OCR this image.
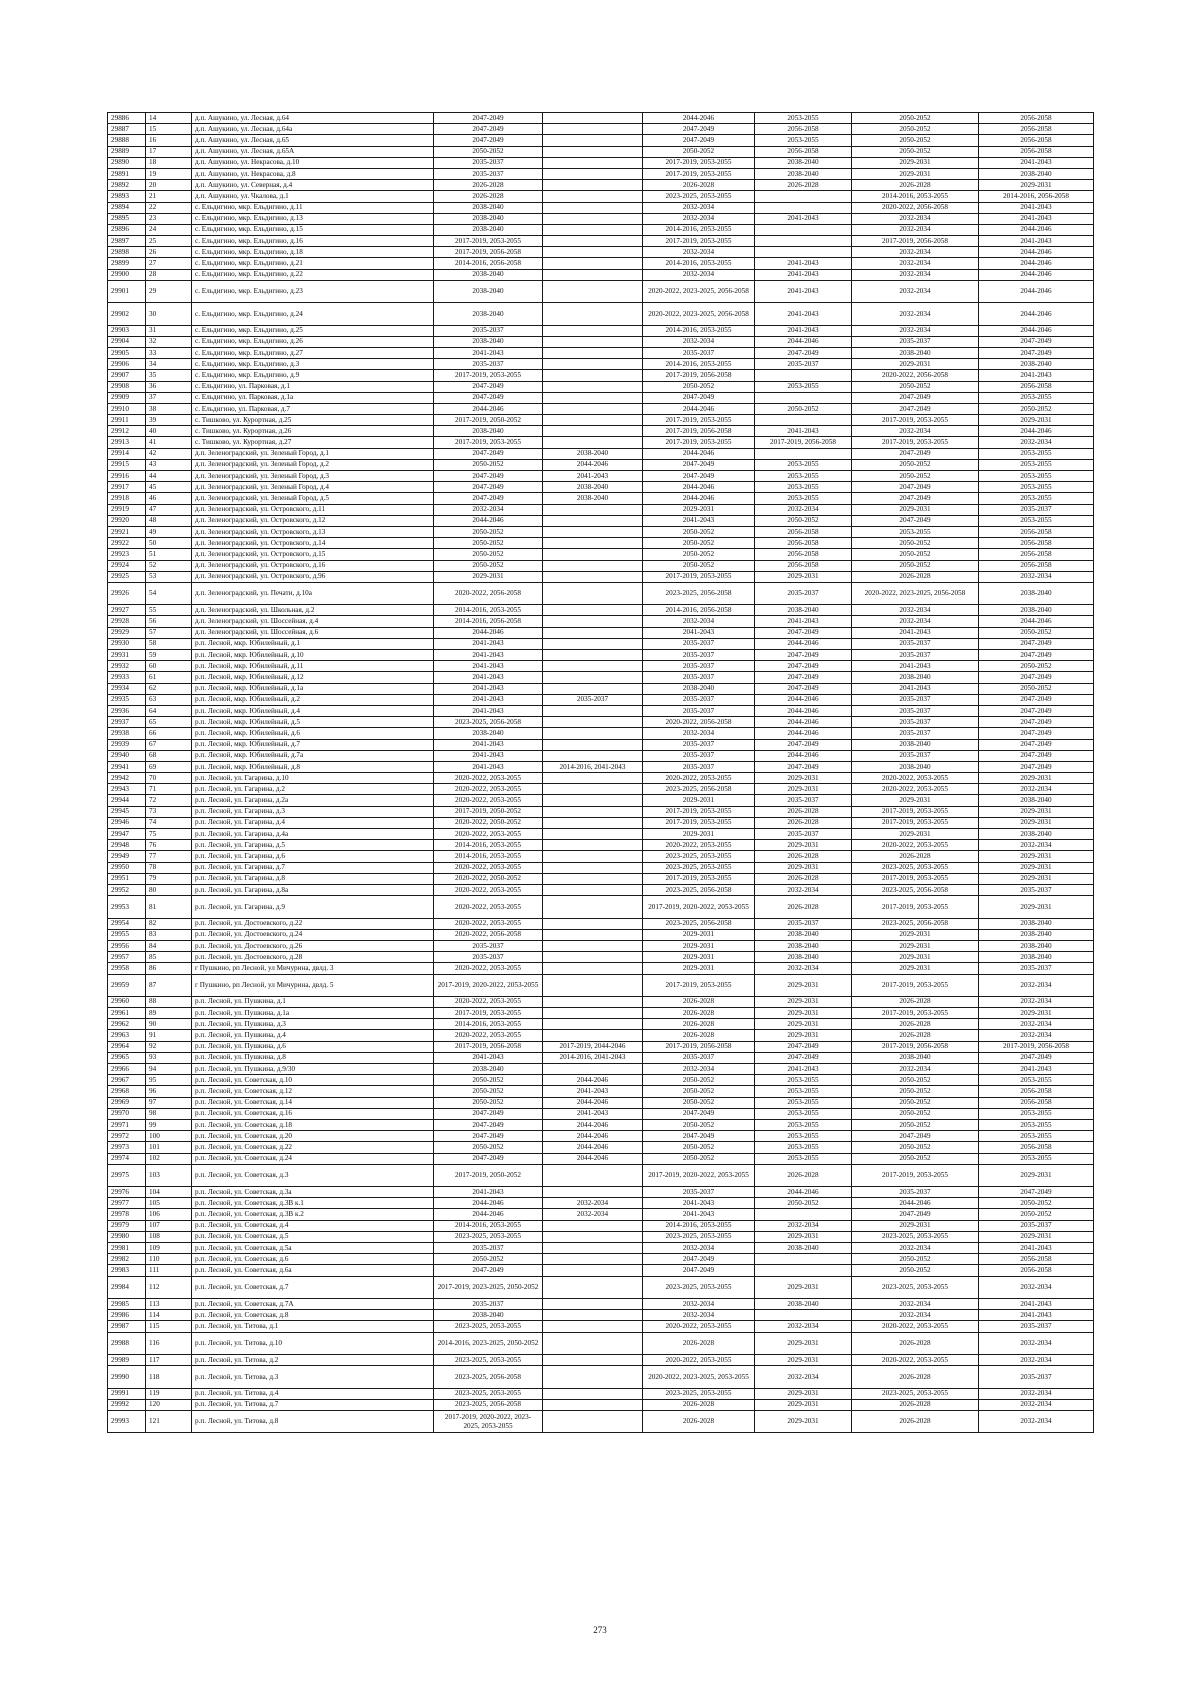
29886	14	д.п. Ашукино, ул. Лесная, д.64	2047-2049		2044-2046	2053-2055	2050-2052	2056-2058
29887	15	д.п. Ашукино, ул. Лесная, д.64а	2047-2049		2047-2049	2056-2058	2050-2052	2056-2058
29888	16	д.п. Ашукино, ул. Лесная, д.65	2047-2049		2047-2049	2053-2055	2050-2052	2056-2058
29889	17	д.п. Ашукино, ул. Лесная, д.65А	2050-2052		2050-2052	2056-2058	2050-2052	2056-2058
29890	18	д.п. Ашукино, ул. Некрасова, д.10	2035-2037		2017-2019, 2053-2055	2038-2040	2029-2031	2041-2043
29891	19	д.п. Ашукино, ул. Некрасова, д.8	2035-2037		2017-2019, 2053-2055	2038-2040	2029-2031	2038-2040
29892	20	д.п. Ашукино, ул. Северная, д.4	2026-2028		2026-2028	2026-2028	2026-2028	2029-2031
29893	21	д.п. Ашукино, ул. Чкалова, д.1	2026-2028		2023-2025, 2053-2055		2014-2016, 2053-2055	2014-2016, 2056-2058
29894	22	с. Ельдигино, мкр. Ельдигино, д.11	2038-2040		2032-2034		2020-2022, 2056-2058	2041-2043
29895	23	с. Ельдигино, мкр. Ельдигино, д.13	2038-2040		2032-2034	2041-2043	2032-2034	2041-2043
29896	24	с. Ельдигино, мкр. Ельдигино, д.15	2038-2040		2014-2016, 2053-2055		2032-2034	2044-2046
29897	25	с. Ельдигино, мкр. Ельдигино, д.16	2017-2019, 2053-2055		2017-2019, 2053-2055		2017-2019, 2056-2058	2041-2043
29898	26	с. Ельдигино, мкр. Ельдигино, д.18	2017-2019, 2056-2058		2032-2034		2032-2034	2044-2046
29899	27	с. Ельдигино, мкр. Ельдигино, д.21	2014-2016, 2056-2058		2014-2016, 2053-2055	2041-2043	2032-2034	2044-2046
29900	28	с. Ельдигино, мкр. Ельдигино, д.22	2038-2040		2032-2034	2041-2043	2032-2034	2044-2046
29901	29	с. Ельдигино, мкр. Ельдигино, д.23	2038-2040		2020-2022, 2023-2025, 2056-2058	2041-2043	2032-2034	2044-2046
29902	30	с. Ельдигино, мкр. Ельдигино, д.24	2038-2040		2020-2022, 2023-2025, 2056-2058	2041-2043	2032-2034	2044-2046
29903	31	с. Ельдигино, мкр. Ельдигино, д.25	2035-2037		2014-2016, 2053-2055	2041-2043	2032-2034	2044-2046
29904	32	с. Ельдигино, мкр. Ельдигино, д.26	2038-2040		2032-2034	2044-2046	2035-2037	2047-2049
29905	33	с. Ельдигино, мкр. Ельдигино, д.27	2041-2043		2035-2037	2047-2049	2038-2040	2047-2049
29906	34	с. Ельдигино, мкр. Ельдигино, д.3	2035-2037		2014-2016, 2053-2055	2035-2037	2029-2031	2038-2040
29907	35	с. Ельдигино, мкр. Ельдигино, д.9	2017-2019, 2053-2055		2017-2019, 2056-2058		2020-2022, 2056-2058	2041-2043
29908	36	с. Ельдигино, ул. Парковая, д.1	2047-2049		2050-2052	2053-2055	2050-2052	2056-2058
29909	37	с. Ельдигино, ул. Парковая, д.1а	2047-2049		2047-2049		2047-2049	2053-2055
29910	38	с. Ельдигино, ул. Парковая, д.7	2044-2046		2044-2046	2050-2052	2047-2049	2050-2052
29911	39	с. Тишково, ул. Курортная, д.25	2017-2019, 2050-2052		2017-2019, 2053-2055		2017-2019, 2053-2055	2029-2031
29912	40	с. Тишково, ул. Курортная, д.26	2038-2040		2017-2019, 2056-2058	2041-2043	2032-2034	2044-2046
29913	41	с. Тишково, ул. Курортная, д.27	2017-2019, 2053-2055		2017-2019, 2053-2055	2017-2019, 2056-2058	2017-2019, 2053-2055	2032-2034
29914	42	д.п. Зеленоградский, ул. Зеленый Город, д.1	2047-2049	2038-2040	2044-2046		2047-2049	2053-2055
29915	43	д.п. Зеленоградский, ул. Зеленый Город, д.2	2050-2052	2044-2046	2047-2049	2053-2055	2050-2052	2053-2055
29916	44	д.п. Зеленоградский, ул. Зеленый Город, д.3	2047-2049	2041-2043	2047-2049	2053-2055	2050-2052	2053-2055
29917	45	д.п. Зеленоградский, ул. Зеленый Город, д.4	2047-2049	2038-2040	2044-2046	2053-2055	2047-2049	2053-2055
29918	46	д.п. Зеленоградский, ул. Зеленый Город, д.5	2047-2049	2038-2040	2044-2046	2053-2055	2047-2049	2053-2055
29919	47	д.п. Зеленоградский, ул. Островского, д.11	2032-2034		2029-2031	2032-2034	2029-2031	2035-2037
29920	48	д.п. Зеленоградский, ул. Островского, д.12	2044-2046		2041-2043	2050-2052	2047-2049	2053-2055
29921	49	д.п. Зеленоградский, ул. Островского, д.13	2050-2052		2050-2052	2056-2058	2053-2055	2056-2058
29922	50	д.п. Зеленоградский, ул. Островского, д.14	2050-2052		2050-2052	2056-2058	2050-2052	2056-2058
29923	51	д.п. Зеленоградский, ул. Островского, д.15	2050-2052		2050-2052	2056-2058	2050-2052	2056-2058
29924	52	д.п. Зеленоградский, ул. Островского, д.16	2050-2052		2050-2052	2056-2058	2050-2052	2056-2058
29925	53	д.п. Зеленоградский, ул. Островского, д.96	2029-2031		2017-2019, 2053-2055	2029-2031	2026-2028	2032-2034
29926	54	д.п. Зеленоградский, ул. Печати, д.10а	2020-2022, 2056-2058		2023-2025, 2056-2058	2035-2037	2020-2022, 2023-2025, 2056-2058	2038-2040
29927	55	д.п. Зеленоградский, ул. Школьная, д.2	2014-2016, 2053-2055		2014-2016, 2056-2058	2038-2040	2032-2034	2038-2040
29928	56	д.п. Зеленоградский, ул. Шоссейная, д.4	2014-2016, 2056-2058		2032-2034	2041-2043	2032-2034	2044-2046
29929	57	д.п. Зеленоградский, ул. Шоссейная, д.6	2044-2046		2041-2043	2047-2049	2041-2043	2050-2052
29930	58	р.п. Лесной, мкр. Юбилейный, д.1	2041-2043		2035-2037	2044-2046	2035-2037	2047-2049
29931	59	р.п. Лесной, мкр. Юбилейный, д.10	2041-2043		2035-2037	2047-2049	2035-2037	2047-2049
29932	60	р.п. Лесной, мкр. Юбилейный, д.11	2041-2043		2035-2037	2047-2049	2041-2043	2050-2052
29933	61	р.п. Лесной, мкр. Юбилейный, д.12	2041-2043		2035-2037	2047-2049	2038-2040	2047-2049
29934	62	р.п. Лесной, мкр. Юбилейный, д.1а	2041-2043		2038-2040	2047-2049	2041-2043	2050-2052
29935	63	р.п. Лесной, мкр. Юбилейный, д.2	2041-2043	2035-2037	2035-2037	2044-2046	2035-2037	2047-2049
29936	64	р.п. Лесной, мкр. Юбилейный, д.4	2041-2043		2035-2037	2044-2046	2035-2037	2047-2049
29937	65	р.п. Лесной, мкр. Юбилейный, д.5	2023-2025, 2056-2058		2020-2022, 2056-2058	2044-2046	2035-2037	2047-2049
29938	66	р.п. Лесной, мкр. Юбилейный, д.6	2038-2040		2032-2034	2044-2046	2035-2037	2047-2049
29939	67	р.п. Лесной, мкр. Юбилейный, д.7	2041-2043		2035-2037	2047-2049	2038-2040	2047-2049
29940	68	р.п. Лесной, мкр. Юбилейный, д.7а	2041-2043		2035-2037	2044-2046	2035-2037	2047-2049
29941	69	р.п. Лесной, мкр. Юбилейный, д.8	2041-2043	2014-2016, 2041-2043	2035-2037	2047-2049	2038-2040	2047-2049
29942	70	р.п. Лесной, ул. Гагарина, д.10	2020-2022, 2053-2055		2020-2022, 2053-2055	2029-2031	2020-2022, 2053-2055	2029-2031
29943	71	р.п. Лесной, ул. Гагарина, д.2	2020-2022, 2053-2055		2023-2025, 2056-2058	2029-2031	2020-2022, 2053-2055	2032-2034
29944	72	р.п. Лесной, ул. Гагарина, д.2а	2020-2022, 2053-2055		2029-2031	2035-2037	2029-2031	2038-2040
29945	73	р.п. Лесной, ул. Гагарина, д.3	2017-2019, 2050-2052		2017-2019, 2053-2055	2026-2028	2017-2019, 2053-2055	2029-2031
29946	74	р.п. Лесной, ул. Гагарина, д.4	2020-2022, 2050-2052		2017-2019, 2053-2055	2026-2028	2017-2019, 2053-2055	2029-2031
29947	75	р.п. Лесной, ул. Гагарина, д.4а	2020-2022, 2053-2055		2029-2031	2035-2037	2029-2031	2038-2040
29948	76	р.п. Лесной, ул. Гагарина, д.5	2014-2016, 2053-2055		2020-2022, 2053-2055	2029-2031	2020-2022, 2053-2055	2032-2034
29949	77	р.п. Лесной, ул. Гагарина, д.6	2014-2016, 2053-2055		2023-2025, 2053-2055	2026-2028	2026-2028	2029-2031
29950	78	р.п. Лесной, ул. Гагарина, д.7	2020-2022, 2053-2055		2023-2025, 2053-2055	2029-2031	2023-2025, 2053-2055	2029-2031
29951	79	р.п. Лесной, ул. Гагарина, д.8	2020-2022, 2050-2052		2017-2019, 2053-2055	2026-2028	2017-2019, 2053-2055	2029-2031
29952	80	р.п. Лесной, ул. Гагарина, д.8а	2020-2022, 2053-2055		2023-2025, 2056-2058	2032-2034	2023-2025, 2056-2058	2035-2037
29953	81	р.п. Лесной, ул. Гагарина, д.9	2020-2022, 2053-2055		2017-2019, 2020-2022, 2053-2055	2026-2028	2017-2019, 2053-2055	2029-2031
29954	82	р.п. Лесной, ул. Достоевского, д.22	2020-2022, 2053-2055		2023-2025, 2056-2058	2035-2037	2023-2025, 2056-2058	2038-2040
29955	83	р.п. Лесной, ул. Достоевского, д.24	2020-2022, 2056-2058		2029-2031	2038-2040	2029-2031	2038-2040
29956	84	р.п. Лесной, ул. Достоевского, д.26	2035-2037		2029-2031	2038-2040	2029-2031	2038-2040
29957	85	р.п. Лесной, ул. Достоевского, д.28	2035-2037		2029-2031	2038-2040	2029-2031	2038-2040
29958	86	г Пушкино, рп Лесной, ул Мичурина, двлд. 3	2020-2022, 2053-2055		2029-2031	2032-2034	2029-2031	2035-2037
29959	87	г Пушкино, рп Лесной, ул Мичурина, двлд. 5	2017-2019, 2020-2022, 2053-2055		2017-2019, 2053-2055	2029-2031	2017-2019, 2053-2055	2032-2034
29960	88	р.п. Лесной, ул. Пушкина, д.1	2020-2022, 2053-2055		2026-2028	2029-2031	2026-2028	2032-2034
29961	89	р.п. Лесной, ул. Пушкина, д.1а	2017-2019, 2053-2055		2026-2028	2029-2031	2017-2019, 2053-2055	2029-2031
29962	90	р.п. Лесной, ул. Пушкина, д.3	2014-2016, 2053-2055		2026-2028	2029-2031	2026-2028	2032-2034
29963	91	р.п. Лесной, ул. Пушкина, д.4	2020-2022, 2053-2055		2026-2028	2029-2031	2026-2028	2032-2034
29964	92	р.п. Лесной, ул. Пушкина, д.6	2017-2019, 2056-2058	2017-2019, 2044-2046	2017-2019, 2056-2058	2047-2049	2017-2019, 2056-2058	2017-2019, 2056-2058
29965	93	р.п. Лесной, ул. Пушкина, д.8	2041-2043	2014-2016, 2041-2043	2035-2037	2047-2049	2038-2040	2047-2049
29966	94	р.п. Лесной, ул. Пушкина, д.9/30	2038-2040		2032-2034	2041-2043	2032-2034	2041-2043
29967	95	р.п. Лесной, ул. Советская, д.10	2050-2052	2044-2046	2050-2052	2053-2055	2050-2052	2053-2055
29968	96	р.п. Лесной, ул. Советская, д.12	2050-2052	2041-2043	2050-2052	2053-2055	2050-2052	2056-2058
29969	97	р.п. Лесной, ул. Советская, д.14	2050-2052	2044-2046	2050-2052	2053-2055	2050-2052	2056-2058
29970	98	р.п. Лесной, ул. Советская, д.16	2047-2049	2041-2043	2047-2049	2053-2055	2050-2052	2053-2055
29971	99	р.п. Лесной, ул. Советская, д.18	2047-2049	2044-2046	2050-2052	2053-2055	2050-2052	2053-2055
29972	100	р.п. Лесной, ул. Советская, д.20	2047-2049	2044-2046	2047-2049	2053-2055	2047-2049	2053-2055
29973	101	р.п. Лесной, ул. Советская, д.22	2050-2052	2044-2046	2050-2052	2053-2055	2050-2052	2056-2058
29974	102	р.п. Лесной, ул. Советская, д.24	2047-2049	2044-2046	2050-2052	2053-2055	2050-2052	2053-2055
29975	103	р.п. Лесной, ул. Советская, д.3	2017-2019, 2050-2052		2017-2019, 2020-2022, 2053-2055	2026-2028	2017-2019, 2053-2055	2029-2031
29976	104	р.п. Лесной, ул. Советская, д.3а	2041-2043		2035-2037	2044-2046	2035-2037	2047-2049
29977	105	р.п. Лесной, ул. Советская, д.3В к.1	2044-2046	2032-2034	2041-2043	2050-2052	2044-2046	2050-2052
29978	106	р.п. Лесной, ул. Советская, д.3В к.2	2044-2046	2032-2034	2041-2043		2047-2049	2050-2052
29979	107	р.п. Лесной, ул. Советская, д.4	2014-2016, 2053-2055		2014-2016, 2053-2055	2032-2034	2029-2031	2035-2037
29980	108	р.п. Лесной, ул. Советская, д.5	2023-2025, 2053-2055		2023-2025, 2053-2055	2029-2031	2023-2025, 2053-2055	2029-2031
29981	109	р.п. Лесной, ул. Советская, д.5а	2035-2037		2032-2034	2038-2040	2032-2034	2041-2043
29982	110	р.п. Лесной, ул. Советская, д.6	2050-2052		2047-2049		2050-2052	2056-2058
29983	111	р.п. Лесной, ул. Советская, д.6а	2047-2049		2047-2049		2050-2052	2056-2058
29984	112	р.п. Лесной, ул. Советская, д.7	2017-2019, 2023-2025, 2050-2052		2023-2025, 2053-2055	2029-2031	2023-2025, 2053-2055	2032-2034
29985	113	р.п. Лесной, ул. Советская, д.7А	2035-2037		2032-2034	2038-2040	2032-2034	2041-2043
29986	114	р.п. Лесной, ул. Советская, д.8	2038-2040		2032-2034		2032-2034	2041-2043
29987	115	р.п. Лесной, ул. Титова, д.1	2023-2025, 2053-2055		2020-2022, 2053-2055	2032-2034	2020-2022, 2053-2055	2035-2037
29988	116	р.п. Лесной, ул. Титова, д.10	2014-2016, 2023-2025, 2050-2052		2026-2028	2029-2031	2026-2028	2032-2034
29989	117	р.п. Лесной, ул. Титова, д.2	2023-2025, 2053-2055		2020-2022, 2053-2055	2029-2031	2020-2022, 2053-2055	2032-2034
29990	118	р.п. Лесной, ул. Титова, д.3	2023-2025, 2056-2058		2020-2022, 2023-2025, 2053-2055	2032-2034	2026-2028	2035-2037
29991	119	р.п. Лесной, ул. Титова, д.4	2023-2025, 2053-2055		2023-2025, 2053-2055	2029-2031	2023-2025, 2053-2055	2032-2034
29992	120	р.п. Лесной, ул. Титова, д.7	2023-2025, 2056-2058		2026-2028	2029-2031	2026-2028	2032-2034
29993	121	р.п. Лесной, ул. Титова, д.8	2017-2019, 2020-2022, 2023-2025, 2053-2055		2026-2028	2029-2031	2026-2028	2032-2034
273
